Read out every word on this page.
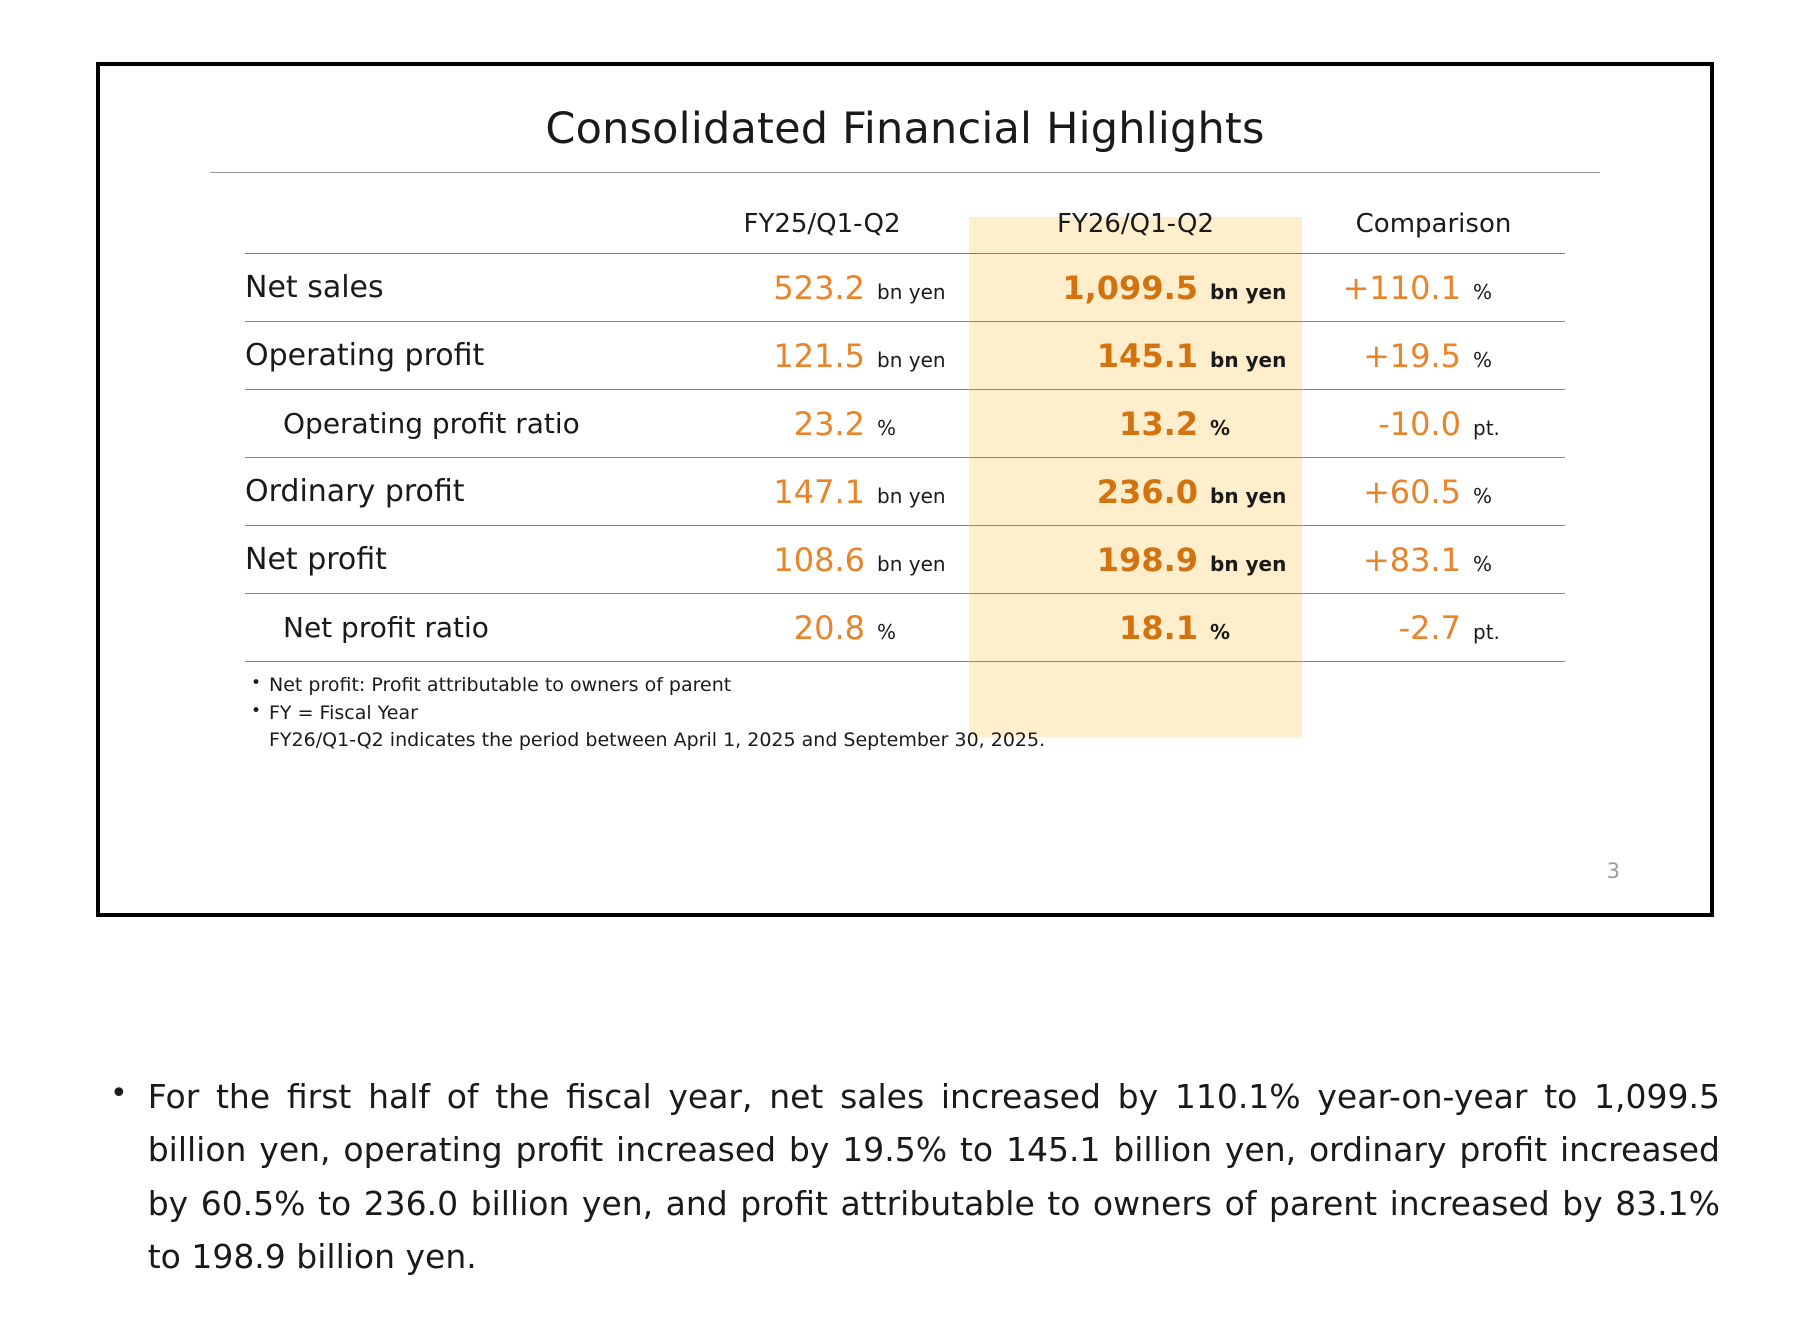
Consolidated Financial Highlights
	FY25/Q1-Q2	FY26/Q1-Q2	Comparison
Net sales	523.2 bn yen	1,099.5 bn yen	+110.1 %
Operating profit	121.5 bn yen	145.1 bn yen	+19.5 %
Operating profit ratio	23.2 %	13.2 %	-10.0 pt.
Ordinary profit	147.1 bn yen	236.0 bn yen	+60.5 %
Net profit	108.6 bn yen	198.9 bn yen	+83.1 %
Net profit ratio	20.8 %	18.1 %	-2.7 pt.
• Net profit: Profit attributable to owners of parent
• FY = Fiscal Year
FY26/Q1-Q2 indicates the period between April 1, 2025 and September 30, 2025.
3
• For the first half of the fiscal year, net sales increased by 110.1% year-on-year to 1,099.5 billion yen, operating profit increased by 19.5% to 145.1 billion yen, ordinary profit increased by 60.5% to 236.0 billion yen, and profit attributable to owners of parent increased by 83.1% to 198.9 billion yen.
